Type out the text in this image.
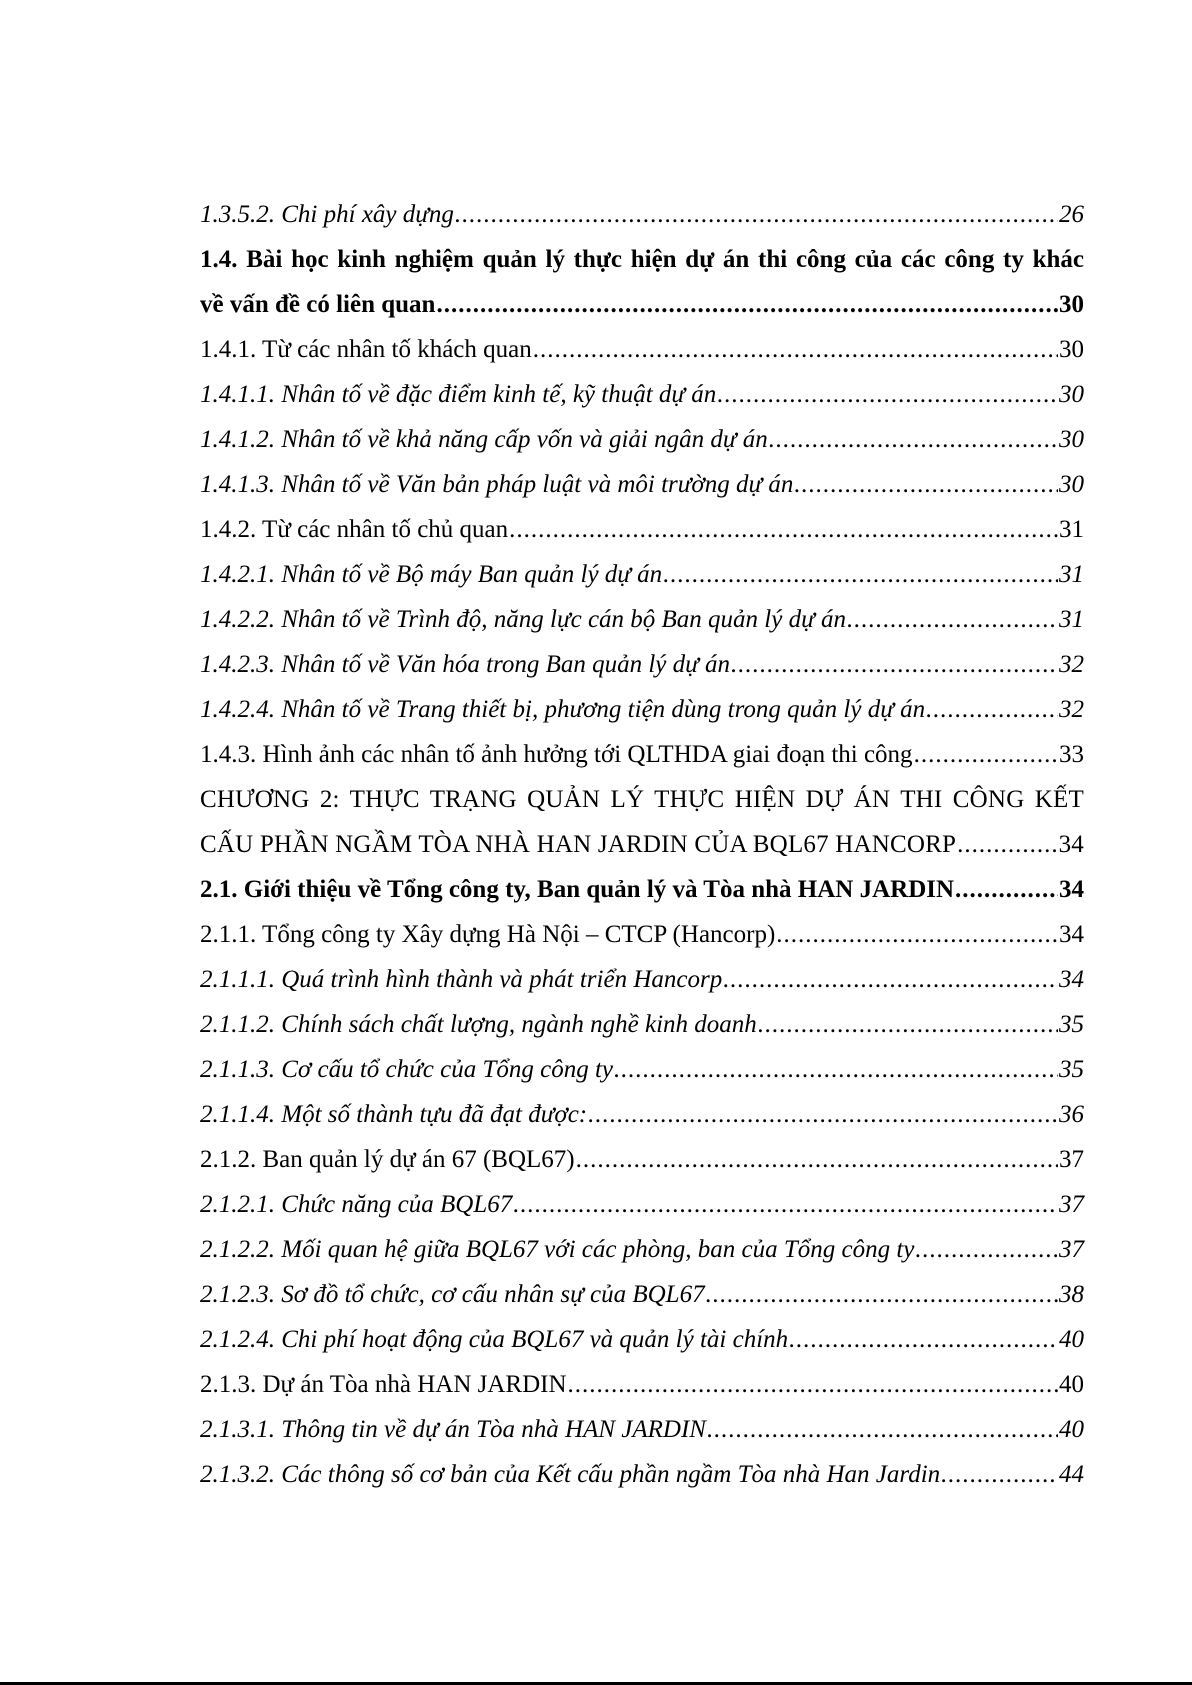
1.3.5.2. Chi phí xây dựng .....	26
1.4. Bài học kinh nghiệm quản lý thực hiện dự án thi công của các công ty khác
về vấn đề có liên quan .....	30
1.4.1. Từ các nhân tố khách quan .....	30
1.4.1.1. Nhân tố về đặc điểm kinh tế, kỹ thuật dự án .....	30
1.4.1.2. Nhân tố về khả năng cấp vốn và giải ngân dự án .....	30
1.4.1.3. Nhân tố về Văn bản pháp luật và môi trường dự án .....	30
1.4.2. Từ các nhân tố chủ quan .....	31
1.4.2.1. Nhân tố về Bộ máy Ban quản lý dự án .....	31
1.4.2.2. Nhân tố về Trình độ, năng lực cán bộ Ban quản lý dự án .....	31
1.4.2.3. Nhân tố về Văn hóa trong Ban quản lý dự án .....	32
1.4.2.4. Nhân tố về Trang thiết bị, phương tiện dùng trong quản lý dự án .....	32
1.4.3. Hình ảnh các nhân tố ảnh hưởng tới QLTHDA giai đoạn thi công .....	33
CHƯƠNG 2: THỰC TRẠNG QUẢN LÝ THỰC HIỆN DỰ ÁN THI CÔNG KẾT
CẤU PHẦN NGẦM TÒA NHÀ HAN JARDIN CỦA BQL67 HANCORP .....	34
2.1. Giới thiệu về Tổng công ty, Ban quản lý và Tòa nhà HAN JARDIN .....	34
2.1.1. Tổng công ty Xây dựng Hà Nội – CTCP (Hancorp) .....	34
2.1.1.1. Quá trình hình thành và phát triển Hancorp .....	34
2.1.1.2. Chính sách chất lượng, ngành nghề kinh doanh .....	35
2.1.1.3. Cơ cấu tổ chức của Tổng công ty .....	35
2.1.1.4. Một số thành tựu đã đạt được: .....	36
2.1.2. Ban quản lý dự án 67 (BQL67) .....	37
2.1.2.1. Chức năng của BQL67 .....	37
2.1.2.2. Mối quan hệ giữa BQL67 với các phòng, ban của Tổng công ty .....	37
2.1.2.3. Sơ đồ tổ chức, cơ cấu nhân sự của BQL67 .....	38
2.1.2.4. Chi phí hoạt động của BQL67 và quản lý tài chính .....	40
2.1.3. Dự án Tòa nhà HAN JARDIN .....	40
2.1.3.1. Thông tin về dự án Tòa nhà HAN JARDIN .....	40
2.1.3.2. Các thông số cơ bản của Kết cấu phần ngầm Tòa nhà Han Jardin .....	44
